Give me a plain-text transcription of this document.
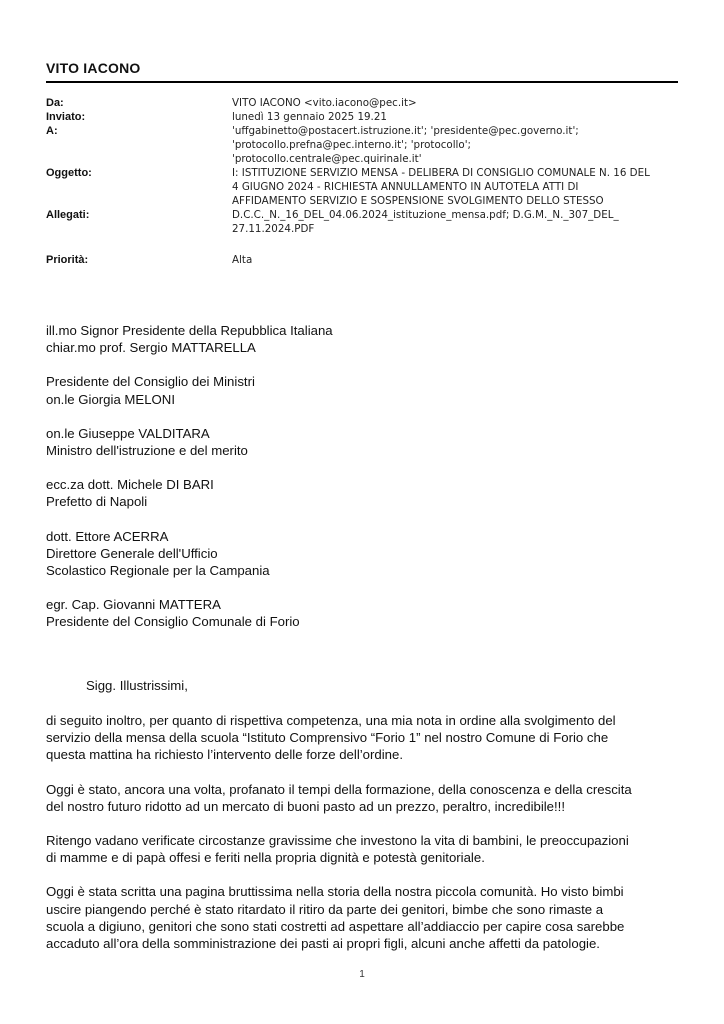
VITO IACONO
Da:	VITO IACONO <vito.iacono@pec.it>
Inviato:	lunedì 13 gennaio 2025 19.21
A:	'uffgabinetto@postacert.istruzione.it'; 'presidente@pec.governo.it';
'protocollo.prefna@pec.interno.it'; 'protocollo';
'protocollo.centrale@pec.quirinale.it'
Oggetto:	I: ISTITUZIONE SERVIZIO MENSA - DELIBERA DI CONSIGLIO COMUNALE N. 16 DEL
4 GIUGNO 2024 - RICHIESTA ANNULLAMENTO IN AUTOTELA ATTI DI
AFFIDAMENTO SERVIZIO E SOSPENSIONE SVOLGIMENTO DELLO STESSO
Allegati:	D.C.C._N._16_DEL_04.06.2024_istituzione_mensa.pdf; D.G.M._N._307_DEL_
27.11.2024.PDF
Priorità:	Alta
ill.mo Signor Presidente della Repubblica Italiana
chiar.mo prof. Sergio MATTARELLA
Presidente del Consiglio dei Ministri
on.le Giorgia MELONI
on.le Giuseppe VALDITARA
Ministro dell'istruzione e del merito
ecc.za dott. Michele DI BARI
Prefetto di Napoli
dott. Ettore ACERRA
Direttore Generale dell'Ufficio
Scolastico Regionale per la Campania
egr. Cap. Giovanni MATTERA
Presidente del Consiglio Comunale di Forio
Sigg. Illustrissimi,
di seguito inoltro, per quanto di rispettiva competenza, una mia nota in ordine alla svolgimento del
servizio della mensa della scuola “Istituto Comprensivo “Forio 1” nel nostro Comune di Forio che
questa mattina ha richiesto l’intervento delle forze dell’ordine.
Oggi è stato, ancora una volta, profanato il tempi della formazione, della conoscenza e della crescita
del nostro futuro ridotto ad un mercato di buoni pasto ad un prezzo, peraltro, incredibile!!!
Ritengo vadano verificate circostanze gravissime che investono la vita di bambini, le preoccupazioni
di mamme e di papà offesi e feriti nella propria dignità e potestà genitoriale.
Oggi è stata scritta una pagina bruttissima nella storia della nostra piccola comunità. Ho visto bimbi
uscire piangendo perché è stato ritardato il ritiro da parte dei genitori, bimbe che sono rimaste a
scuola a digiuno, genitori che sono stati costretti ad aspettare all’addiaccio per capire cosa sarebbe
accaduto all’ora della somministrazione dei pasti ai propri figli, alcuni anche affetti da patologie.
1
